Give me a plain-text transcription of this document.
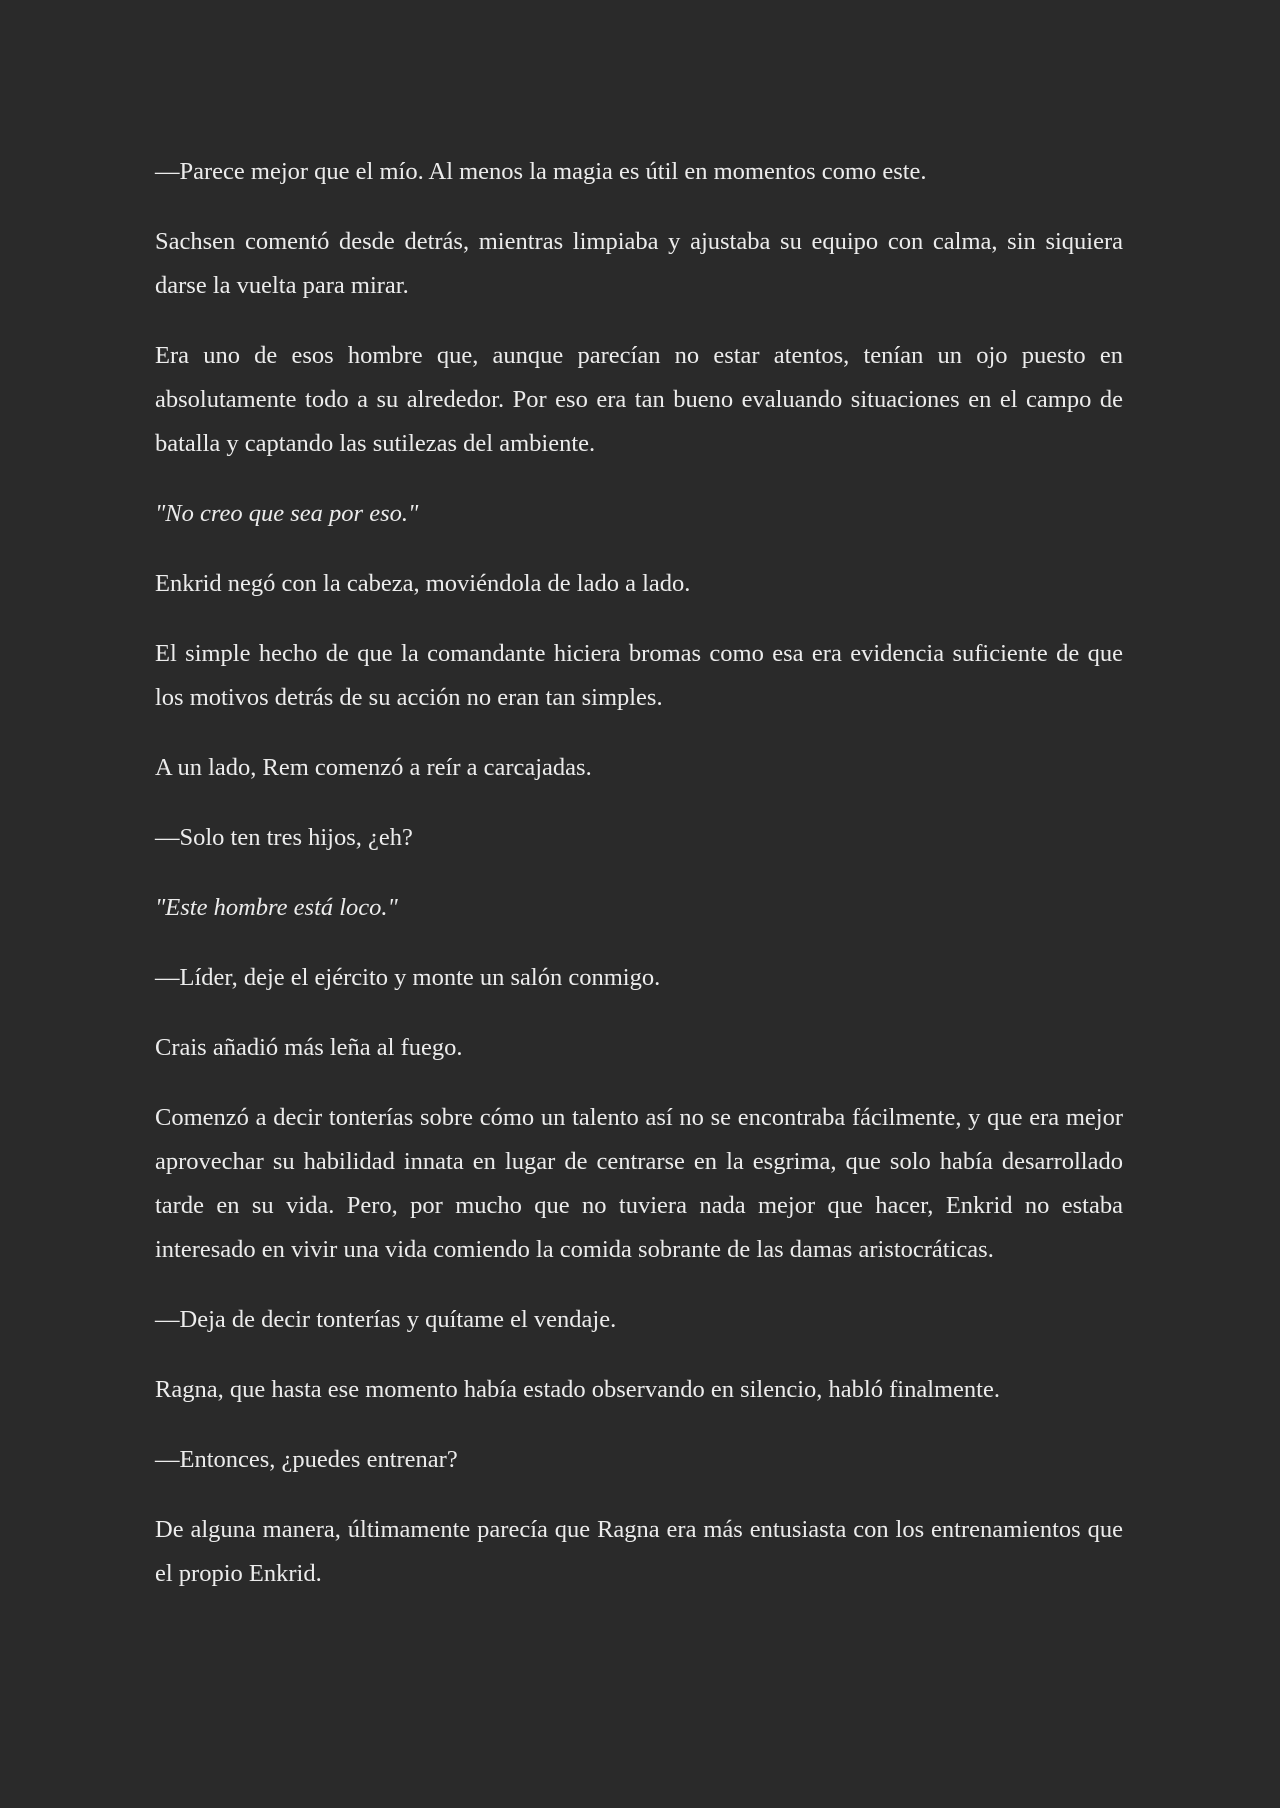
—Parece mejor que el mío. Al menos la magia es útil en momentos como este.

Sachsen comentó desde detrás, mientras limpiaba y ajustaba su equipo con calma, sin siquiera darse la vuelta para mirar.

Era uno de esos hombre que, aunque parecían no estar atentos, tenían un ojo puesto en absolutamente todo a su alrededor. Por eso era tan bueno evaluando situaciones en el campo de batalla y captando las sutilezas del ambiente.

"No creo que sea por eso."

Enkrid negó con la cabeza, moviéndola de lado a lado.

El simple hecho de que la comandante hiciera bromas como esa era evidencia suficiente de que los motivos detrás de su acción no eran tan simples.

A un lado, Rem comenzó a reír a carcajadas.

—Solo ten tres hijos, ¿eh?

"Este hombre está loco."

—Líder, deje el ejército y monte un salón conmigo.

Crais añadió más leña al fuego.

Comenzó a decir tonterías sobre cómo un talento así no se encontraba fácilmente, y que era mejor aprovechar su habilidad innata en lugar de centrarse en la esgrima, que solo había desarrollado tarde en su vida. Pero, por mucho que no tuviera nada mejor que hacer, Enkrid no estaba interesado en vivir una vida comiendo la comida sobrante de las damas aristocráticas.

—Deja de decir tonterías y quítame el vendaje.

Ragna, que hasta ese momento había estado observando en silencio, habló finalmente.

—Entonces, ¿puedes entrenar?

De alguna manera, últimamente parecía que Ragna era más entusiasta con los entrenamientos que el propio Enkrid.
